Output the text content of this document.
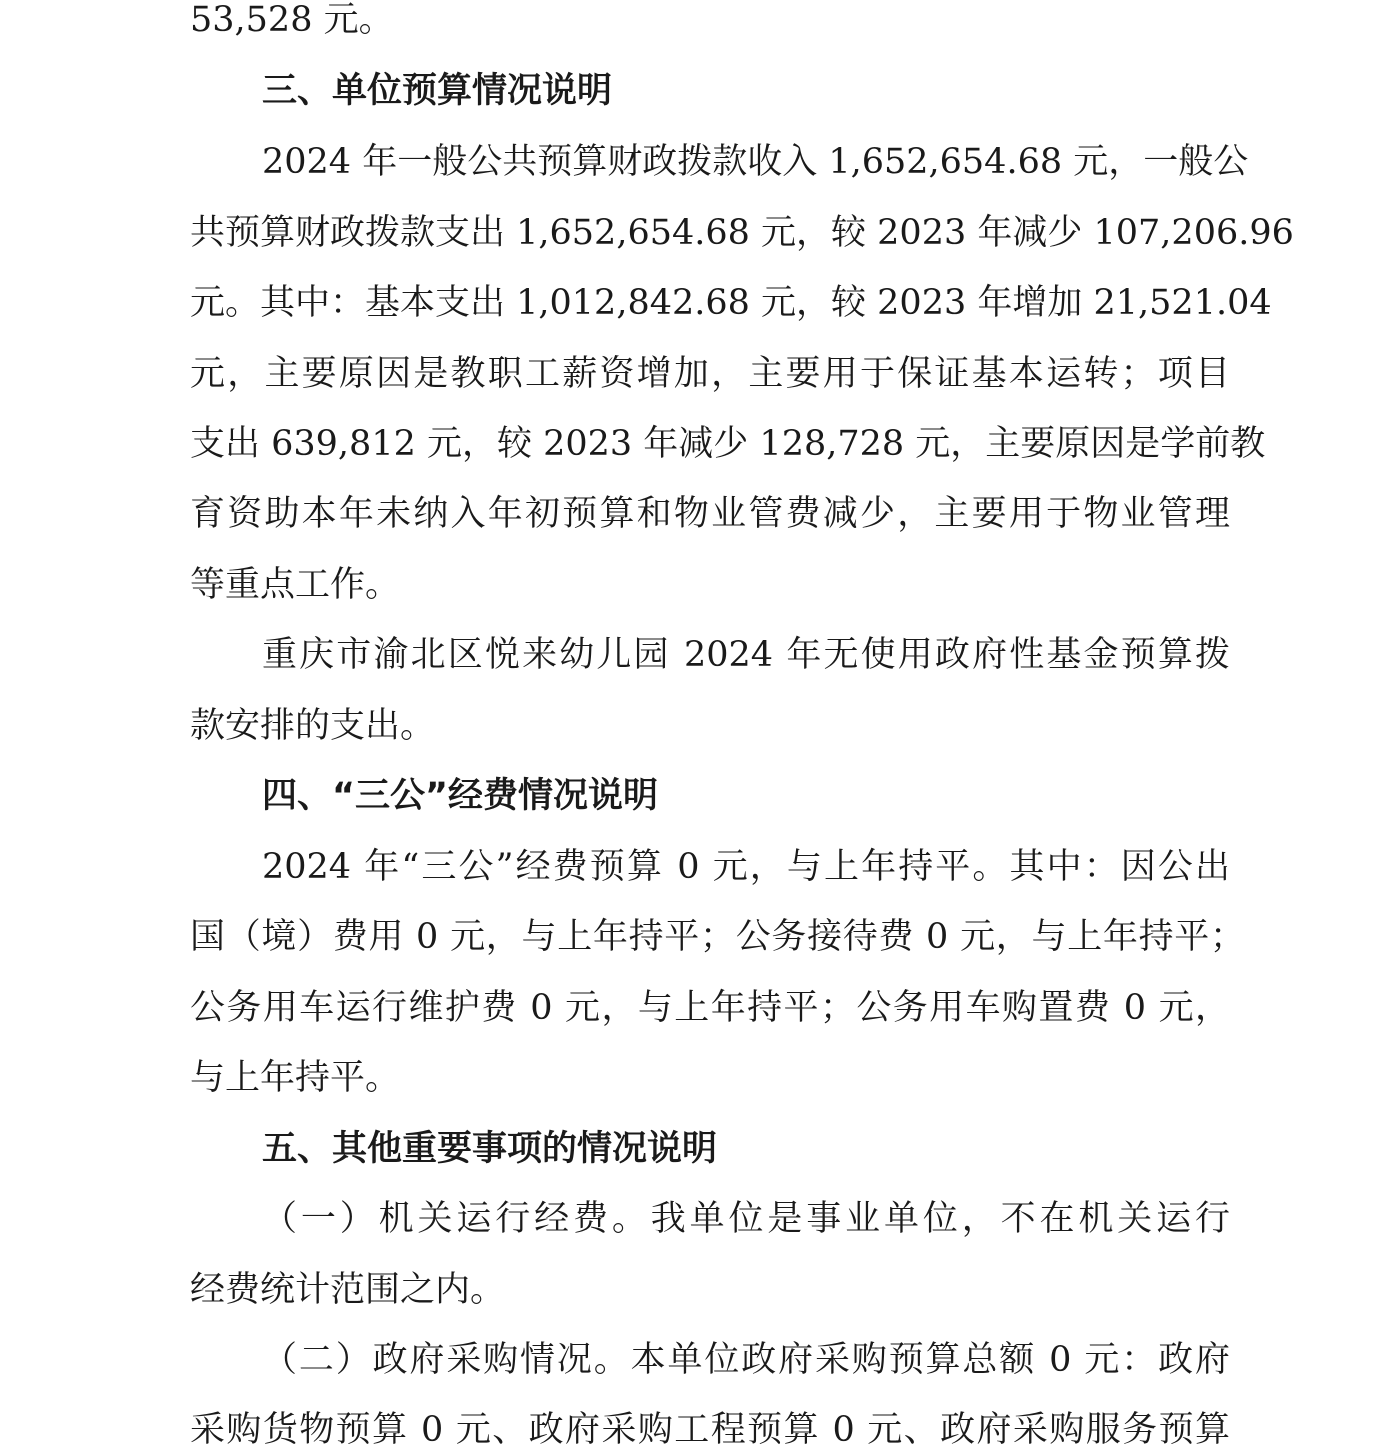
53,528 元。
三、单位预算情况说明
2024 年一般公共预算财政拨款收入 1,652,654.68 元，一般公
共预算财政拨款支出 1,652,654.68 元，较 2023 年减少 107,206.96
元。其中：基本支出 1,012,842.68 元，较 2023 年增加 21,521.04
元，主要原因是教职工薪资增加，主要用于保证基本运转；项目
支出 639,812 元，较 2023 年减少 128,728 元，主要原因是学前教
育资助本年未纳入年初预算和物业管费减少，主要用于物业管理
等重点工作。
重庆市渝北区悦来幼儿园 2024 年无使用政府性基金预算拨
款安排的支出。
四、“三公”经费情况说明
2024 年“三公”经费预算 0 元，与上年持平。其中：因公出
国（境）费用 0 元，与上年持平；公务接待费 0 元，与上年持平；
公务用车运行维护费 0 元，与上年持平；公务用车购置费 0 元，
与上年持平。
五、其他重要事项的情况说明
（一）机关运行经费。我单位是事业单位，不在机关运行
经费统计范围之内。
（二）政府采购情况。本单位政府采购预算总额 0 元：政府
采购货物预算 0 元、政府采购工程预算 0 元、政府采购服务预算
